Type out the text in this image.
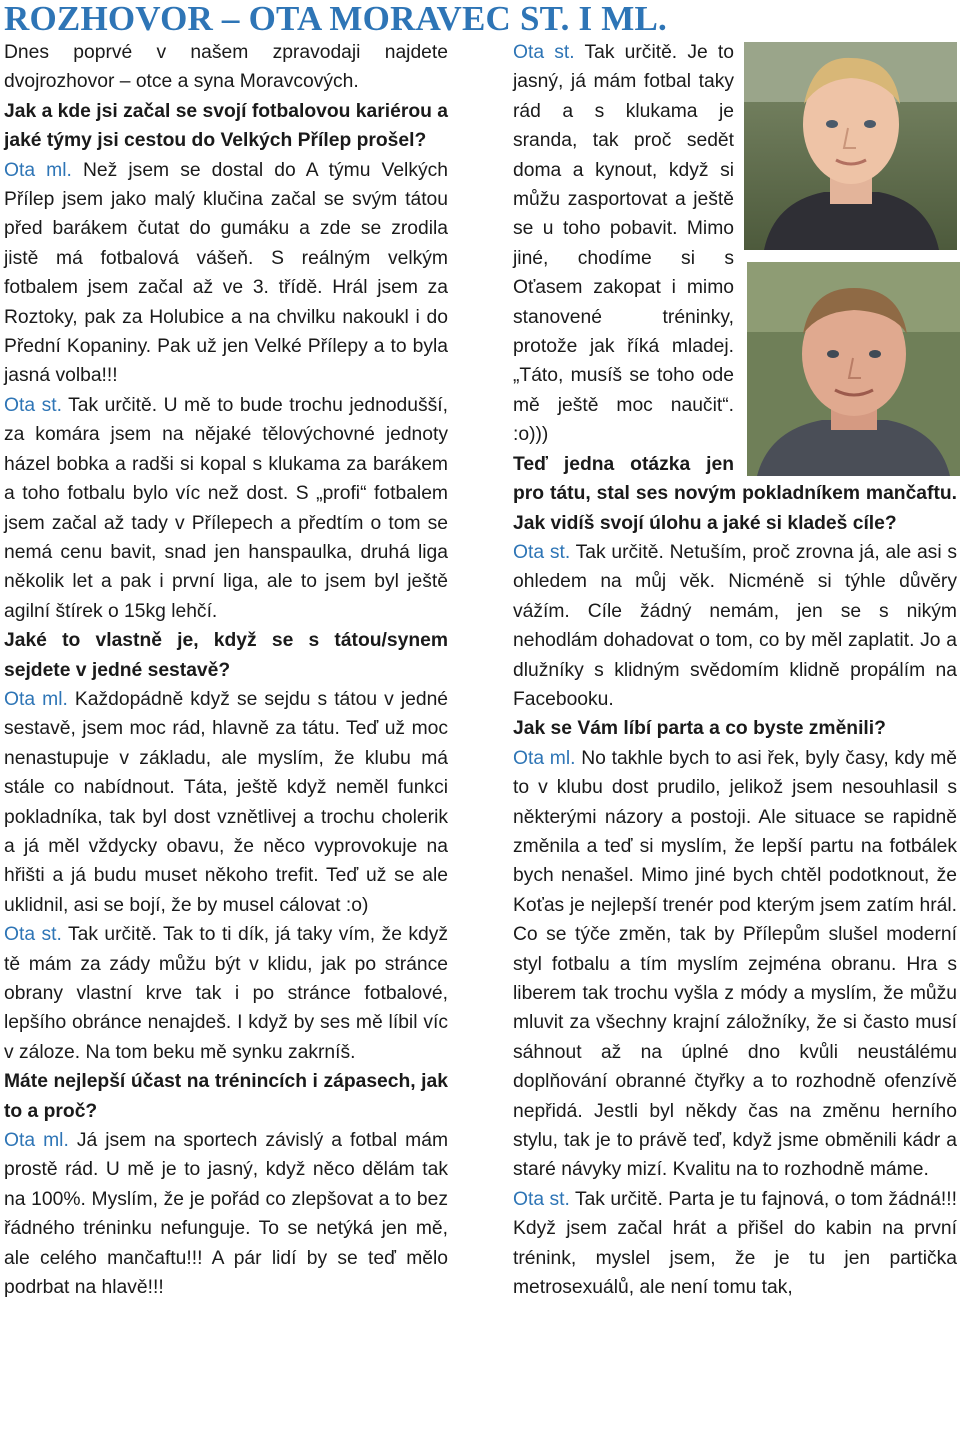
ROZHOVOR – OTA MORAVEC ST. I ML.

Dnes poprvé v našem zpravodaji najdete dvojrozhovor – otce a syna Moravcových.

Jak a kde jsi začal se svojí fotbalovou kariérou a jaké týmy jsi cestou do Velkých Přílep prošel?

Ota ml. Než jsem se dostal do A týmu Velkých Přílep jsem jako malý klučina začal se svým tátou před barákem čutat do gumáku a zde se zrodila jistě má fotbalová vášeň. S reálným velkým fotbalem jsem začal až ve 3. třídě. Hrál jsem za Roztoky, pak za Holubice a na chvilku nakoukl i do Přední Kopaniny. Pak už jen Velké Přílepy a to byla jasná volba!!!

Ota st. Tak určitě. U mě to bude trochu jednodušší, za komára jsem na nějaké tělovýchovné jednoty házel bobka a radši si kopal s klukama za barákem a toho fotbalu bylo víc než dost. S „profi“ fotbalem jsem začal až tady v Přílepech a předtím o tom se nemá cenu bavit, snad jen hanspaulka, druhá liga několik let a pak i první liga, ale to jsem byl ještě agilní štírek o 15kg lehčí.

Jaké to vlastně je, když se s tátou/synem sejdete v jedné sestavě?

Ota ml. Každopádně když se sejdu s tátou v jedné sestavě, jsem moc rád, hlavně za tátu. Teď už moc nenastupuje v základu, ale myslím, že klubu má stále co nabídnout. Táta, ještě když neměl funkci pokladníka, tak byl dost vznětlivej a trochu cholerik a já měl vždycky obavu, že něco vyprovokuje na hřišti a já budu muset někoho trefit. Teď už se ale uklidnil, asi se bojí, že by musel cálovat :o)

Ota st. Tak určitě. Tak to ti dík, já taky vím, že když tě mám za zády můžu být v klidu, jak po stránce obrany vlastní krve tak i po stránce fotbalové, lepšího obránce nenajdeš. I když by ses mě líbil víc v záloze. Na tom beku mě synku zakrníš.

Máte nejlepší účast na trénincích i zápasech, jak to a proč?

Ota ml. Já jsem na sportech závislý a fotbal mám prostě rád. U mě je to jasný, když něco dělám tak na 100%. Myslím, že je pořád co zlepšovat a to bez řádného tréninku nefunguje. To se netýká jen mě, ale celého mančaftu!!! A pár lidí by se teď mělo podrbat na hlavě!!!

Ota st. Tak určitě. Je to jasný, já mám fotbal taky rád a s klukama je sranda, tak proč sedět doma a kynout, když si můžu zasportovat a ještě se u toho pobavit. Mimo jiné, chodíme si s Oťasem zakopat i mimo stanovené tréninky, protože jak říká mladej. „Táto, musíš se toho ode mě ještě moc naučit“. :o)))

Teď jedna otázka jen pro tátu, stal ses novým pokladníkem mančaftu. Jak vidíš svojí úlohu a jaké si kladeš cíle?

Ota st. Tak určitě. Netuším, proč zrovna já, ale asi s ohledem na můj věk. Nicméně si týhle důvěry vážím. Cíle žádný nemám, jen se s nikým nehodlám dohadovat o tom, co by měl zaplatit. Jo a dlužníky s klidným svědomím klidně propálím na Facebooku.

Jak se Vám líbí parta a co byste změnili?

Ota ml. No takhle bych to asi řek, byly časy, kdy mě to v klubu dost prudilo, jelikož jsem nesouhlasil s některými názory a postoji. Ale situace se rapidně změnila a teď si myslím, že lepší partu na fotbálek bych nenašel. Mimo jiné bych chtěl podotknout, že Koťas je nejlepší trenér pod kterým jsem zatím hrál. Co se týče změn, tak by Přílepům slušel moderní styl fotbalu a tím myslím zejména obranu. Hra s liberem tak trochu vyšla z módy a myslím, že můžu mluvit za všechny krajní záložníky, že si často musí sáhnout až na úplné dno kvůli neustálému doplňování obranné čtyřky a to rozhodně ofenzívě nepřidá. Jestli byl někdy čas na změnu herního stylu, tak je to právě teď, když jsme obměnili kádr a staré návyky mizí. Kvalitu na to rozhodně máme.

Ota st. Tak určitě. Parta je tu fajnová, o tom žádná!!! Když jsem začal hrát a přišel do kabin na první trénink, myslel jsem, že je tu jen partička metrosexuálů, ale není tomu tak,
